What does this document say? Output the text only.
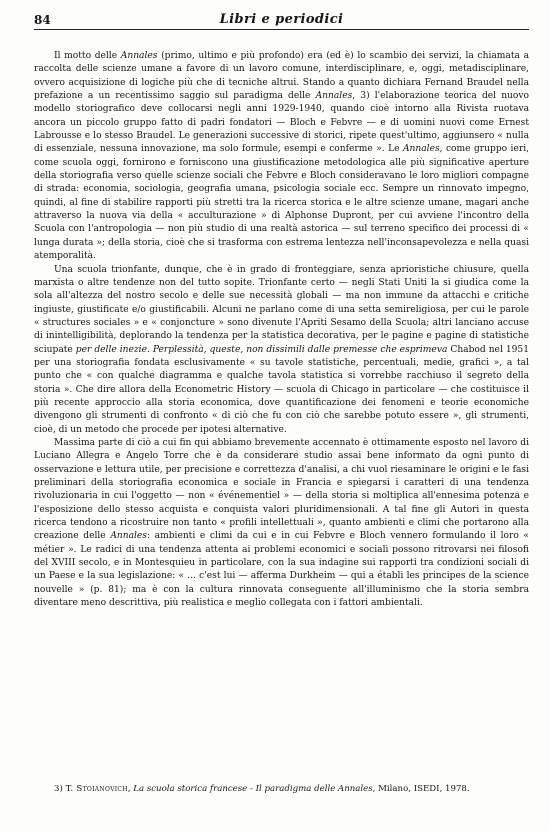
84	Libri e periodici

Il motto delle Annales (primo, ultimo e più profondo) era (ed è) lo scambio dei servizi, la chiamata a raccolta delle scienze umane a favore di un lavoro comune, interdisciplinare, e, oggi, metadisciplinare, ovvero acquisizione di logiche più che di tecniche altrui. Stando a quanto dichiara Fernand Braudel nella prefazione a un recentissimo saggio sul paradigma delle Annales, 3) l'elaborazione teorica del nuovo modello storiografico deve collocarsi negli anni 1929-1940, quando cioè intorno alla Rivista ruotava ancora un piccolo gruppo fatto di padri fondatori — Bloch e Febvre — e di uomini nuovi come Ernest Labrousse e lo stesso Braudel. Le generazioni successive di storici, ripete quest'ultimo, aggiunsero « nulla di essenziale, nessuna innovazione, ma solo formule, esempi e conferme ». Le Annales, come gruppo ieri, come scuola oggi, fornirono e forniscono una giustificazione metodologica alle più significative aperture della storiografia verso quelle scienze sociali che Febvre e Bloch consideravano le loro migliori compagne di strada: economia, sociologia, geografia umana, psicologia sociale ecc. Sempre un rinnovato impegno, quindi, al fine di stabilire rapporti più stretti tra la ricerca storica e le altre scienze umane, magari anche attraverso la nuova via della « acculturazione » di Alphonse Dupront, per cui avviene l'incontro della Scuola con l'antropologia — non più studio di una realtà astorica — sul terreno specifico dei processi di « lunga durata »; della storia, cioè che si trasforma con estrema lentezza nell'inconsapevolezza e nella quasi atemporalità.

Una scuola trionfante, dunque, che è in grado di fronteggiare, senza aprioristiche chiusure, quella marxista o altre tendenze non del tutto sopite. Trionfante certo — negli Stati Uniti la si giudica come la sola all'altezza del nostro secolo e delle sue necessità globali — ma non immune da attacchi e critiche ingiuste, giustificate e/o giustificabili. Alcuni ne parlano come di una setta semireligiosa, per cui le parole « structures sociales » e « conjoncture » sono divenute l'Apriti Sesamo della Scuola; altri lanciano accuse di inintelligibilità, deplorando la tendenza per la statistica decorativa, per le pagine e pagine di statistiche sciupate per delle inezie. Perplessità, queste, non dissimili dalle premesse che esprimeva Chabod nel 1951 per una storiografia fondata esclusivamente « su tavole statistiche, percentuali, medie, grafici », a tal punto che « con qualche diagramma e qualche tavola statistica si vorrebbe racchiuso il segreto della storia ». Che dire allora della Econometric History — scuola di Chicago in particolare — che costituisce il più recente approccio alla storia economica, dove quantificazione dei fenomeni e teorie economiche divengono gli strumenti di confronto « di ciò che fu con ciò che sarebbe potuto essere », gli strumenti, cioè, di un metodo che procede per ipotesi alternative.

Massima parte di ciò a cui fin qui abbiamo brevemente accennato è ottimamente esposto nel lavoro di Luciano Allegra e Angelo Torre che è da considerare studio assai bene informato da ogni punto di osservazione e lettura utile, per precisione e correttezza d'analisi, a chi vuol riesaminare le origini e le fasi preliminari della storiografia economica e sociale in Francia e spiegarsi i caratteri di una tendenza rivoluzionaria in cui l'oggetto — non « événementiel » — della storia si moltiplica all'ennesima potenza e l'esposizione dello stesso acquista e conquista valori pluridimensionali. A tal fine gli Autori in questa ricerca tendono a ricostruire non tanto « profili intellettuali », quanto ambienti e climi che portarono alla creazione delle Annales: ambienti e climi da cui e in cui Febvre e Bloch vennero formulando il loro « métier ». Le radici di una tendenza attenta ai problemi economici e sociali possono ritrovarsi nei filosofi del XVIII secolo, e in Montesquieu in particolare, con la sua indagine sui rapporti tra condizioni sociali di un Paese e la sua legislazione: « ... c'est lui — afferma Durkheim — qui a établi les principes de la science nouvelle » (p. 81); ma è con la cultura rinnovata conseguente all'illuminismo che la storia sembra diventare meno descrittiva, più realistica e meglio collegata con i fattori ambientali.

3) T. Stoianovich, La scuola storica francese - Il paradigma delle Annales, Milano, ISEDI, 1978.
